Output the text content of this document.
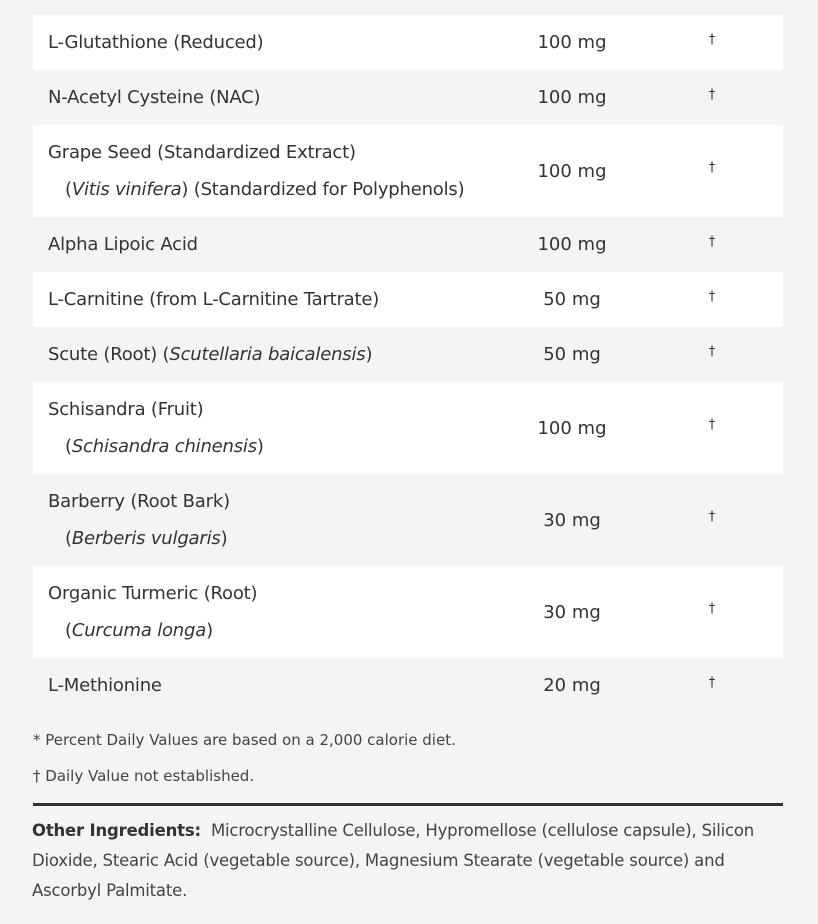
L-Glutathione (Reduced)	100 mg	†
N-Acetyl Cysteine (NAC)	100 mg	†
Grape Seed (Standardized Extract)
(Vitis vinifera) (Standardized for Polyphenols)
100 mg	†
Alpha Lipoic Acid	100 mg	†
L-Carnitine (from L-Carnitine Tartrate)	50 mg	†
Scute (Root) (Scutellaria baicalensis)	50 mg	†
Schisandra (Fruit)
(Schisandra chinensis)
100 mg	†
Barberry (Root Bark)
(Berberis vulgaris)
30 mg	†
Organic Turmeric (Root)
(Curcuma longa)
30 mg	†
L-Methionine	20 mg	†
* Percent Daily Values are based on a 2,000 calorie diet.
† Daily Value not established.
Other Ingredients: Microcrystalline Cellulose, Hypromellose (cellulose capsule), Silicon Dioxide, Stearic Acid (vegetable source), Magnesium Stearate (vegetable source) and Ascorbyl Palmitate.
